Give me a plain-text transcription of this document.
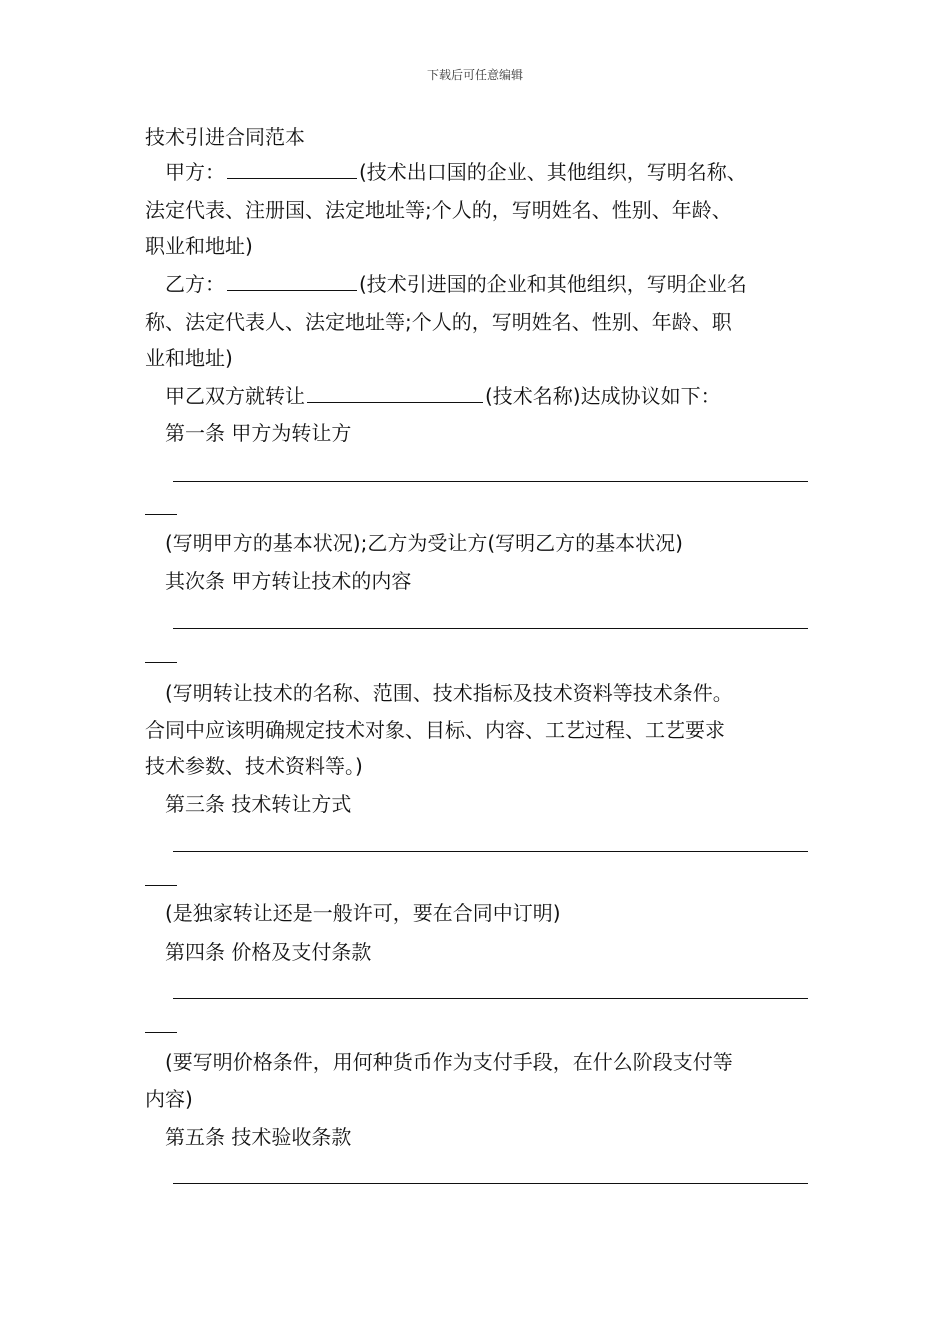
下载后可任意编辑
技术引进合同范本
甲方：	(技术出口国的企业、其他组织，写明名称、
法定代表、注册国、法定地址等;个人的，写明姓名、性别、年龄、
职业和地址)
乙方：	(技术引进国的企业和其他组织，写明企业名
称、法定代表人、法定地址等;个人的，写明姓名、性别、年龄、职
业和地址)
甲乙双方就转让	(技术名称)达成协议如下：
第一条 甲方为转让方
(写明甲方的基本状况);乙方为受让方(写明乙方的基本状况)
其次条 甲方转让技术的内容
(写明转让技术的名称、范围、技术指标及技术资料等技术条件。
合同中应该明确规定技术对象、目标、内容、工艺过程、工艺要求
技术参数、技术资料等。)
第三条 技术转让方式
(是独家转让还是一般许可，要在合同中订明)
第四条 价格及支付条款
(要写明价格条件，用何种货币作为支付手段，在什么阶段支付等
内容)
第五条 技术验收条款
